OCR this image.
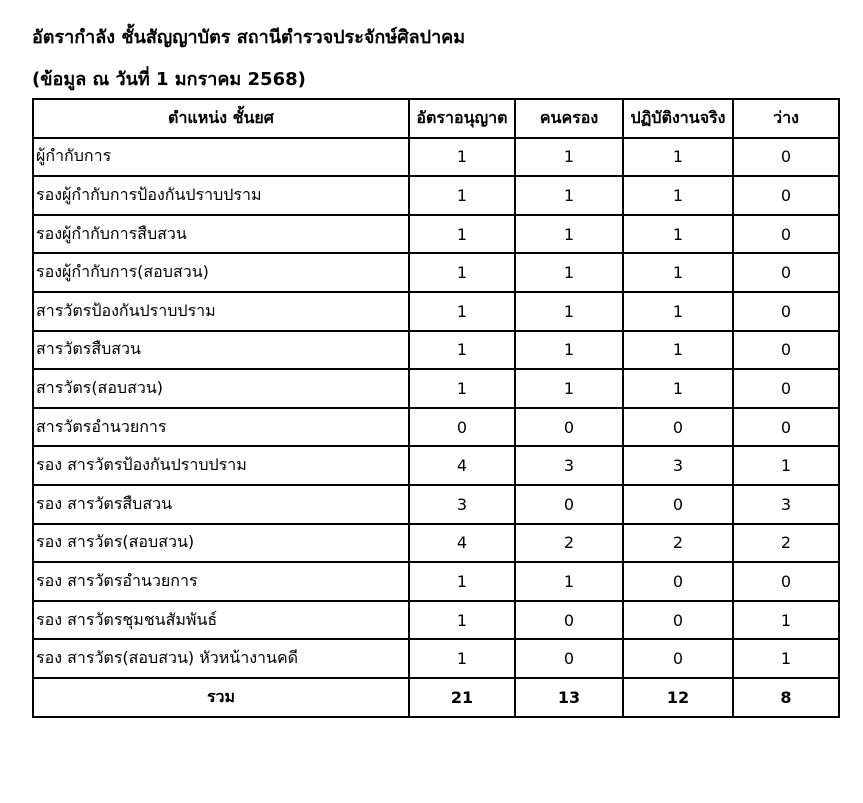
อัตรากำลัง ชั้นสัญญาบัตร สถานีตำรวจประจักษ์ศิลปาคม
(ข้อมูล ณ วันที่ 1 มกราคม 2568)
ตำแหน่ง ชั้นยศ	อัตราอนุญาต	คนครอง	ปฏิบัติงานจริง	ว่าง
ผู้กำกับการ	1	1	1	0
รองผู้กำกับการป้องกันปราบปราม	1	1	1	0
รองผู้กำกับการสืบสวน	1	1	1	0
รองผู้กำกับการ(สอบสวน)	1	1	1	0
สารวัตรป้องกันปราบปราม	1	1	1	0
สารวัตรสืบสวน	1	1	1	0
สารวัตร(สอบสวน)	1	1	1	0
สารวัตรอำนวยการ	0	0	0	0
รอง สารวัตรป้องกันปราบปราม	4	3	3	1
รอง สารวัตรสืบสวน	3	0	0	3
รอง สารวัตร(สอบสวน)	4	2	2	2
รอง สารวัตรอำนวยการ	1	1	0	0
รอง สารวัตรชุมชนสัมพันธ์	1	0	0	1
รอง สารวัตร(สอบสวน) หัวหน้างานคดี	1	0	0	1
รวม	21	13	12	8
